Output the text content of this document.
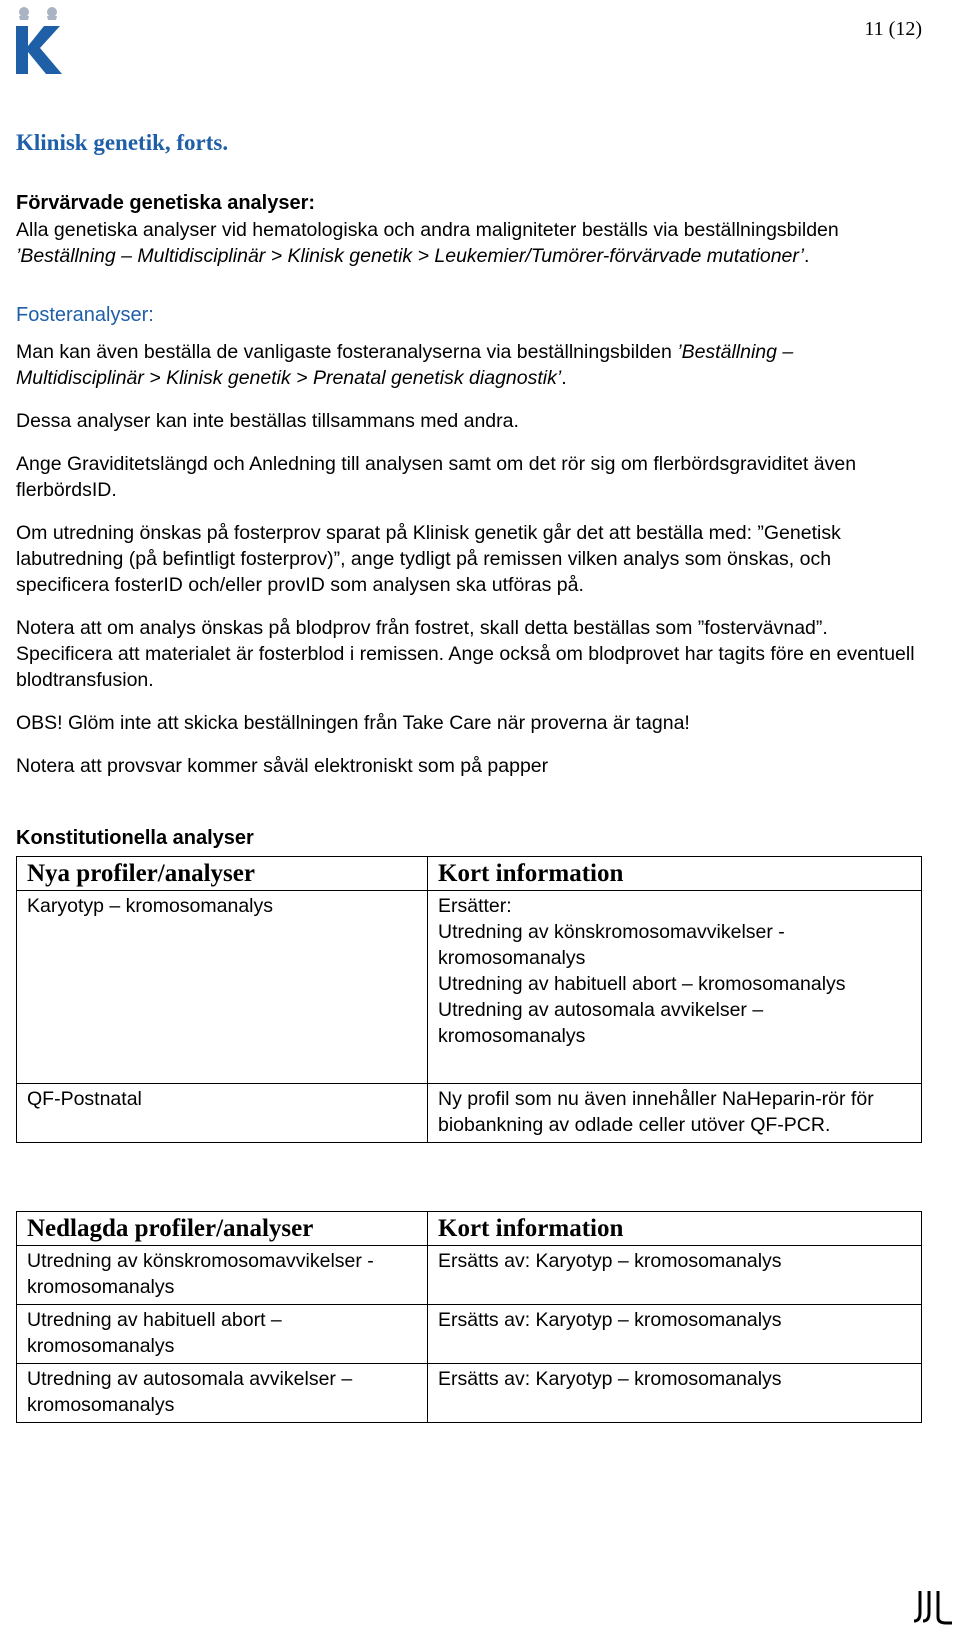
11 (12)
Klinisk genetik, forts.
Förvärvade genetiska analyser:

Alla genetiska analyser vid hematologiska och andra maligniteter beställs via beställningsbilden ’Beställning – Multidisciplinär > Klinisk genetik > Leukemier/Tumörer-förvärvade mutationer’.

Fosteranalyser:

Man kan även beställa de vanligaste fosteranalyserna via beställningsbilden ’Beställning – Multidisciplinär > Klinisk genetik > Prenatal genetisk diagnostik’.

Dessa analyser kan inte beställas tillsammans med andra.

Ange Graviditetslängd och Anledning till analysen samt om det rör sig om flerbördsgraviditet även flerbördsID.

Om utredning önskas på fosterprov sparat på Klinisk genetik går det att beställa med: ”Genetisk labutredning (på befintligt fosterprov)”, ange tydligt på remissen vilken analys som önskas, och specificera fosterID och/eller provID som analysen ska utföras på.

Notera att om analys önskas på blodprov från fostret, skall detta beställas som ”fostervävnad”. Specificera att materialet är fosterblod i remissen. Ange också om blodprovet har tagits före en eventuell blodtransfusion.

OBS! Glöm inte att skicka beställningen från Take Care när proverna är tagna!

Notera att provsvar kommer såväl elektroniskt som på papper

Konstitutionella analyser
Nya profiler/analyser	Kort information
Karyotyp – kromosomanalys	Ersätter:
Utredning av könskromosomavvikelser - kromosomanalys
Utredning av habituell abort – kromosomanalys
Utredning av autosomala avvikelser – kromosomanalys

QF-Postnatal	Ny profil som nu även innehåller NaHeparin-rör för biobankning av odlade celler utöver QF-PCR.
Nedlagda profiler/analyser	Kort information
Utredning av könskromosomavvikelser - kromosomanalys	Ersätts av: Karyotyp – kromosomanalys
Utredning av habituell abort – kromosomanalys	Ersätts av: Karyotyp – kromosomanalys
Utredning av autosomala avvikelser – kromosomanalys	Ersätts av: Karyotyp – kromosomanalys
